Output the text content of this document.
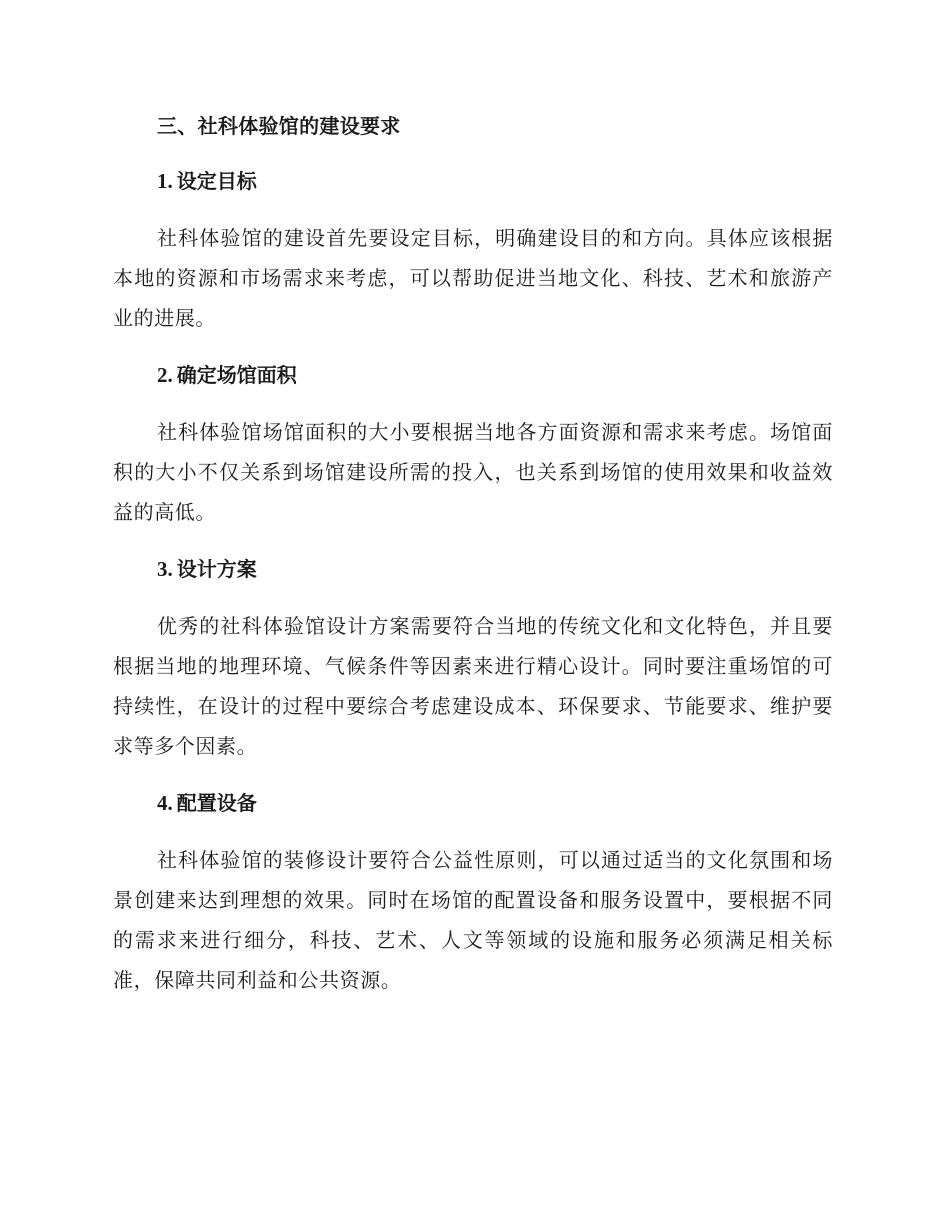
三、社科体验馆的建设要求
1. 设定目标

社科体验馆的建设首先要设定目标，明确建设目的和方向。具体应该根据本地的资源和市场需求来考虑，可以帮助促进当地文化、科技、艺术和旅游产业的进展。

2. 确定场馆面积

社科体验馆场馆面积的大小要根据当地各方面资源和需求来考虑。场馆面积的大小不仅关系到场馆建设所需的投入，也关系到场馆的使用效果和收益效益的高低。

3. 设计方案

优秀的社科体验馆设计方案需要符合当地的传统文化和文化特色，并且要根据当地的地理环境、气候条件等因素来进行精心设计。同时要注重场馆的可持续性，在设计的过程中要综合考虑建设成本、环保要求、节能要求、维护要求等多个因素。

4. 配置设备

社科体验馆的装修设计要符合公益性原则，可以通过适当的文化氛围和场景创建来达到理想的效果。同时在场馆的配置设备和服务设置中，要根据不同的需求来进行细分，科技、艺术、人文等领域的设施和服务必须满足相关标准，保障共同利益和公共资源。
